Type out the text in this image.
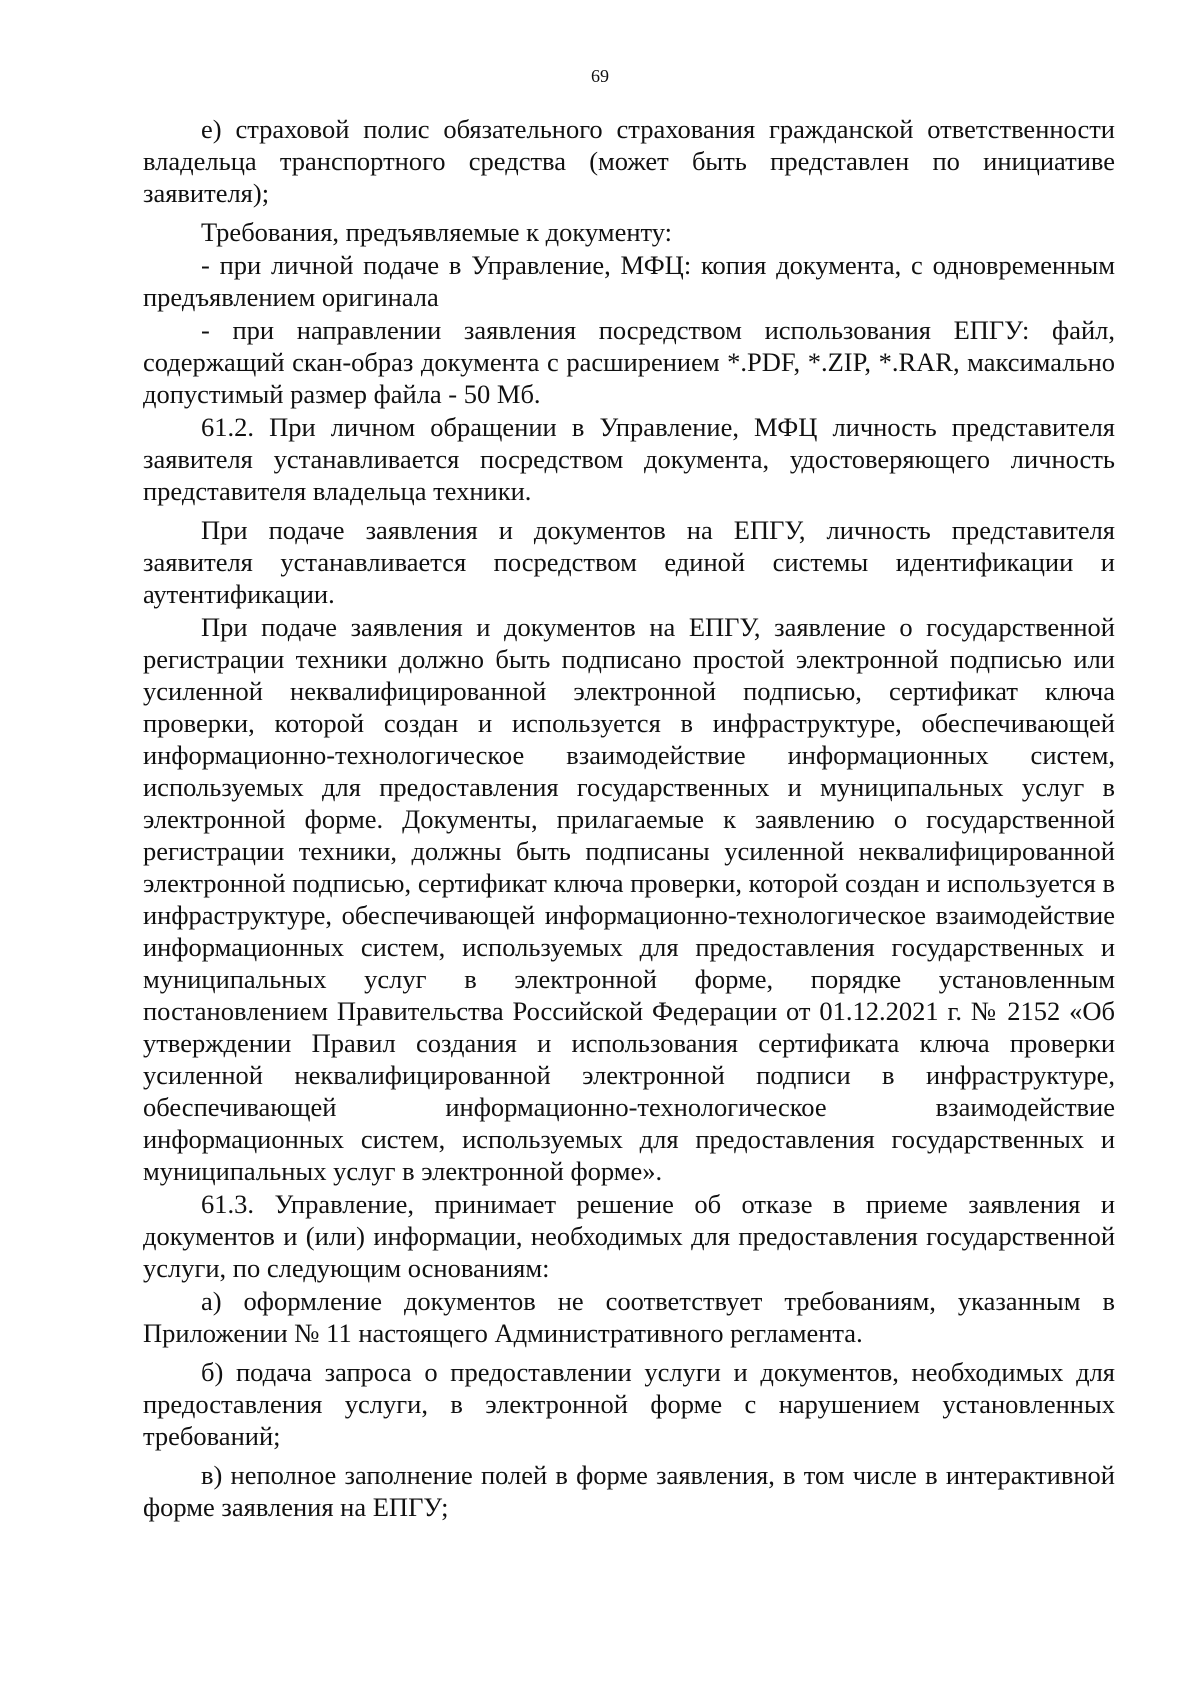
69

е) страховой полис обязательного страхования гражданской ответственности владельца транспортного средства (может быть представлен по инициативе заявителя);

Требования, предъявляемые к документу:

- при личной подаче в Управление, МФЦ: копия документа, с одновременным предъявлением оригинала

- при направлении заявления посредством использования ЕПГУ: файл, содержащий скан-образ документа с расширением *.PDF, *.ZIP, *.RAR, максимально допустимый размер файла - 50 Мб.

61.2. При личном обращении в Управление, МФЦ личность представителя заявителя устанавливается посредством документа, удостоверяющего личность представителя владельца техники.

При подаче заявления и документов на ЕПГУ, личность представителя заявителя устанавливается посредством единой системы идентификации и аутентификации.

При подаче заявления и документов на ЕПГУ, заявление о государственной регистрации техники должно быть подписано простой электронной подписью или усиленной неквалифицированной электронной подписью, сертификат ключа проверки, которой создан и используется в инфраструктуре, обеспечивающей информационно-технологическое взаимодействие информационных систем, используемых для предоставления государственных и муниципальных услуг в электронной форме. Документы, прилагаемые к заявлению о государственной регистрации техники, должны быть подписаны усиленной неквалифицированной электронной подписью, сертификат ключа проверки, которой создан и используется в инфраструктуре, обеспечивающей информационно-технологическое взаимодействие информационных систем, используемых для предоставления государственных и муниципальных услуг в электронной форме, порядке установленным постановлением Правительства Российской Федерации от 01.12.2021 г. № 2152 «Об утверждении Правил создания и использования сертификата ключа проверки усиленной неквалифицированной электронной подписи в инфраструктуре, обеспечивающей информационно-технологическое взаимодействие информационных систем, используемых для предоставления государственных и муниципальных услуг в электронной форме».

61.3. Управление, принимает решение об отказе в приеме заявления и документов и (или) информации, необходимых для предоставления государственной услуги, по следующим основаниям:

а) оформление документов не соответствует требованиям, указанным в Приложении № 11 настоящего Административного регламента.

б) подача запроса о предоставлении услуги и документов, необходимых для предоставления услуги, в электронной форме с нарушением установленных требований;

в) неполное заполнение полей в форме заявления, в том числе в интерактивной форме заявления на ЕПГУ;
